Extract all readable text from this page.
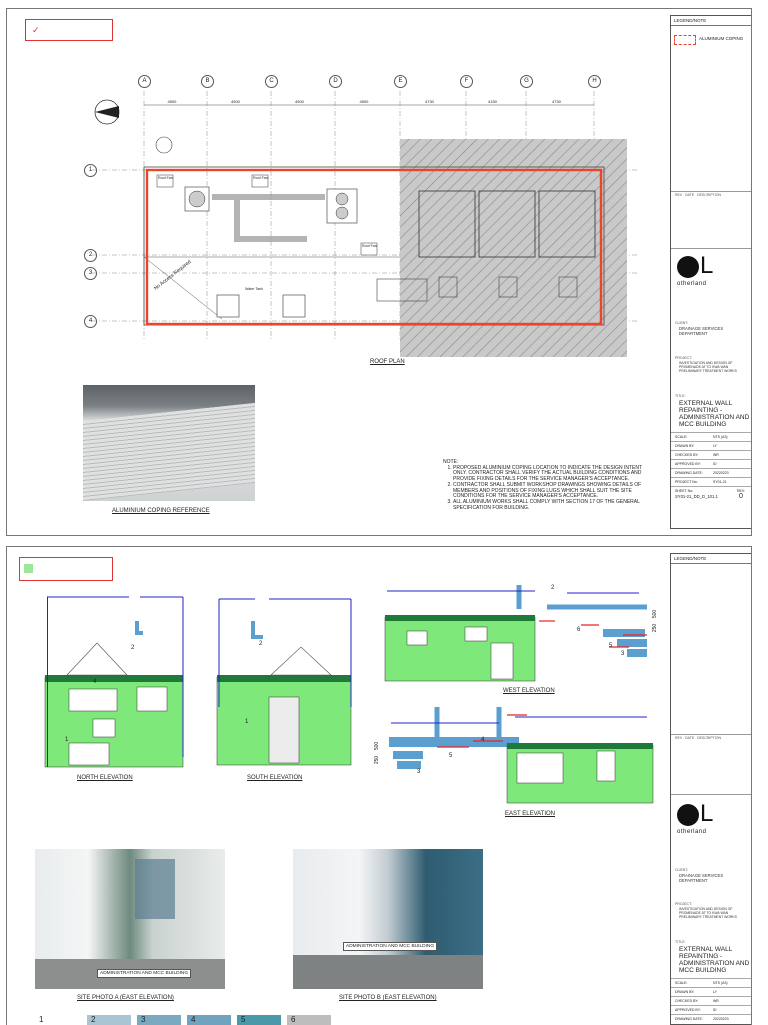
✓
A	B	C	D	E	F	G	H
1
2
3
4
4500	4500	4500	4500	4730	4150	4730
Roof Fan	Roof Fan
Roof Fan
Water Tank
No Access Required
ROOF PLAN
ALUMINIUM COPING REFERENCE
NOTE:
1. PROPOSED ALUMINIUM COPING LOCATION TO INDICATE THE DESIGN INTENT ONLY. CONTRACTOR SHALL VERIFY THE ACTUAL BUILDING CONDITIONS AND PROVIDE FIXING DETAILS FOR THE SERVICE MANAGER'S ACCEPTANCE.
2. CONTRACTOR SHALL SUBMIT WORKSHOP DRAWINGS SHOWING DETAILS OF MEMBERS AND POSITIONS OF FIXING LUGS WHICH SHALL SUIT THE SITE CONDITIONS FOR THE SERVICE MANAGER'S ACCEPTANCE.
3. ALL ALUMINIUM WORKS SHALL COMPLY WITH SECTION 17 OF THE GENERAL SPECIFICATION FOR BUILDING.
LEGEND/NOTE
REV DATE DESCRIPTION
L
otherland
CLIENT:
DRAINAGE SERVICES DEPARTMENT
PROJECT:
INVESTIGATION AND DESIGN OF PROMENADE AT TO KWA WAN PRELIMINARY TREATMENT WORKS
TITLE:
EXTERNAL WALL REPAINTING - ADMINISTRATION AND MCC BUILDING
SCALE:	NTS (A3)
DRAWN BY:	LY
CHECKED BY:	WR
APPROVED BY:	ID
DRAWING DATE:	20220223
PROJECT No:	SY01-21
SHEET No:
SY01-21_DD_D_101.1
REV:
0
ALUMINIUM COPING
2
4
1
2
1
2
6
5
3
4
5
3
250
500
250
500
NORTH ELEVATION	SOUTH ELEVATION
WEST ELEVATION
EAST ELEVATION
ADMINISTRATION AND MCC BUILDING
SITE PHOTO A (EAST ELEVATION)
ADMINISTRATION AND MCC BUILDING
SITE PHOTO B (EAST ELEVATION)
1	2	3	4	5	6
LEGEND/NOTE
REV DATE DESCRIPTION
L
otherland
CLIENT:
DRAINAGE SERVICES DEPARTMENT
PROJECT:
INVESTIGATION AND DESIGN OF PROMENADE AT TO KWA WAN PRELIMINARY TREATMENT WORKS
TITLE:
EXTERNAL WALL REPAINTING - ADMINISTRATION AND MCC BUILDING
SCALE:	NTS (A3)
DRAWN BY:	LY
CHECKED BY:	WR
APPROVED BY:	ID
DRAWING DATE:	20220223
